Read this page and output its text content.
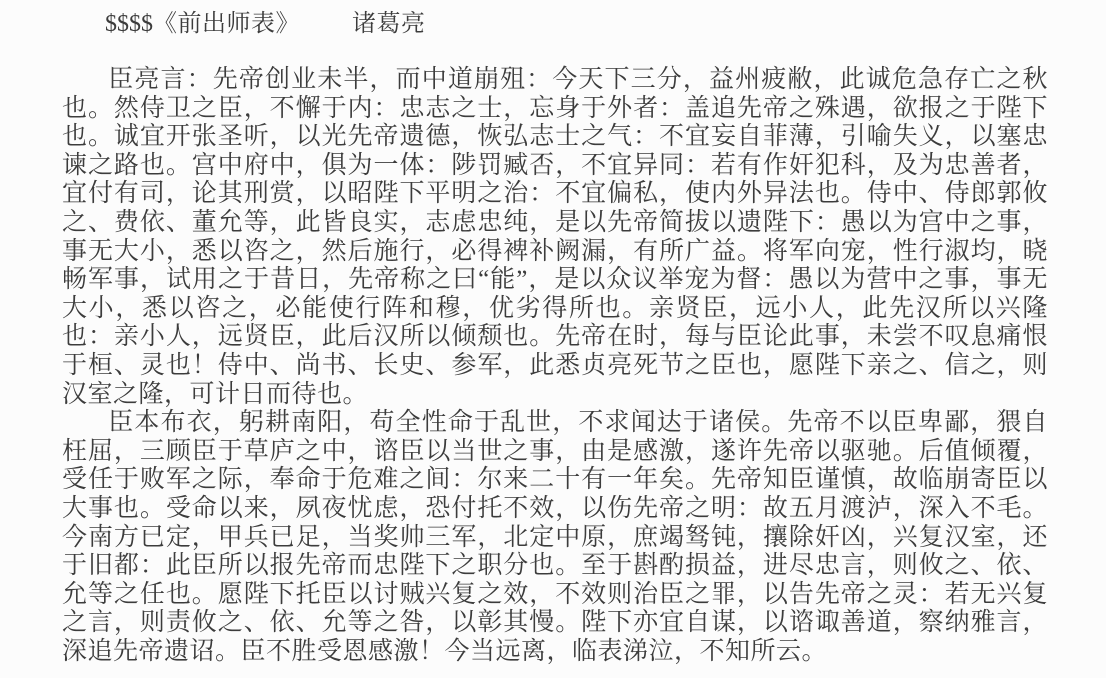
$$$$《前出师表》 诸葛亮

臣亮言：先帝创业未半，而中道崩殂：今天下三分，益州疲敝，此诚危急存亡之秋也。然侍卫之臣，不懈于内：忠志之士，忘身于外者：盖追先帝之殊遇，欲报之于陛下也。诚宜开张圣听，以光先帝遗德，恢弘志士之气：不宜妄自菲薄，引喻失义，以塞忠谏之路也。宫中府中，俱为一体：陟罚臧否，不宜异同：若有作奸犯科，及为忠善者，宜付有司，论其刑赏，以昭陛下平明之治：不宜偏私，使内外异法也。侍中、侍郎郭攸之、费依、董允等，此皆良实，志虑忠纯，是以先帝简拔以遗陛下：愚以为宫中之事，事无大小，悉以咨之，然后施行，必得裨补阙漏，有所广益。将军向宠，性行淑均，晓畅军事，试用之于昔日，先帝称之曰“能”，是以众议举宠为督：愚以为营中之事，事无大小，悉以咨之，必能使行阵和穆，优劣得所也。亲贤臣，远小人，此先汉所以兴隆也：亲小人，远贤臣，此后汉所以倾颓也。先帝在时，每与臣论此事，未尝不叹息痛恨于桓、灵也！侍中、尚书、长史、参军，此悉贞亮死节之臣也，愿陛下亲之、信之，则汉室之隆，可计日而待也。

臣本布衣，躬耕南阳，苟全性命于乱世，不求闻达于诸侯。先帝不以臣卑鄙，猥自枉屈，三顾臣于草庐之中，谘臣以当世之事，由是感激，遂许先帝以驱驰。后值倾覆，受任于败军之际，奉命于危难之间：尔来二十有一年矣。先帝知臣谨慎，故临崩寄臣以大事也。受命以来，夙夜忧虑，恐付托不效，以伤先帝之明：故五月渡泸，深入不毛。今南方已定，甲兵已足，当奖帅三军，北定中原，庶竭驽钝，攘除奸凶，兴复汉室，还于旧都：此臣所以报先帝而忠陛下之职分也。至于斟酌损益，进尽忠言，则攸之、依、允等之任也。愿陛下托臣以讨贼兴复之效，不效则治臣之罪，以告先帝之灵：若无兴复之言，则责攸之、依、允等之咎，以彰其慢。陛下亦宜自谋，以谘诹善道，察纳雅言，深追先帝遗诏。臣不胜受恩感激！今当远离，临表涕泣，不知所云。
